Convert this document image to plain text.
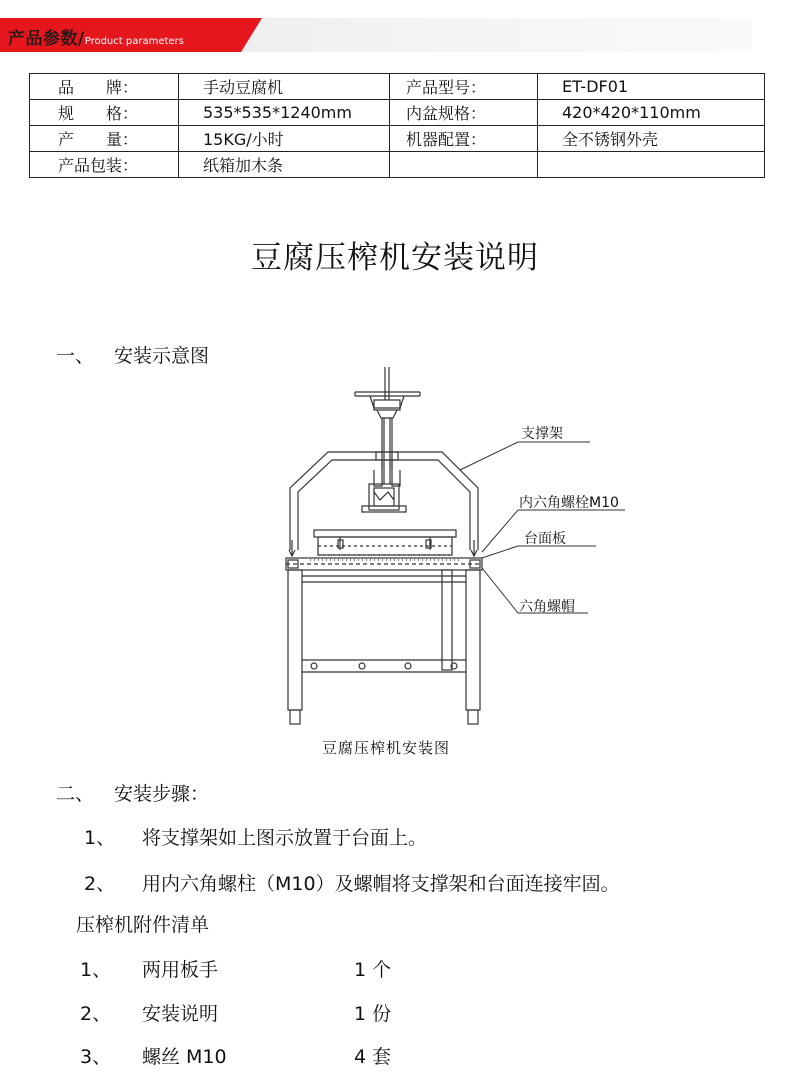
产品参数/Product parameters
品　　牌：	手动豆腐机	产品型号：	ET-DF01
规　　格：	535*535*1240mm	内盆规格：	420*420*110mm
产　　量：	15KG/小时	机器配置：	全不锈钢外壳
产品包装：	纸箱加木条		
豆腐压榨机安装说明
一、 安装示意图
支撑架
内六角螺栓M10
台面板
六角螺帽
豆腐压榨机安装图
二、 安装步骤：
1、 将支撑架如上图示放置于台面上。
2、 用内六角螺柱（M10）及螺帽将支撑架和台面连接牢固。
压榨机附件清单
1、 两用板手	1 个
2、 安装说明	1 份
3、 螺丝 M10	4 套
